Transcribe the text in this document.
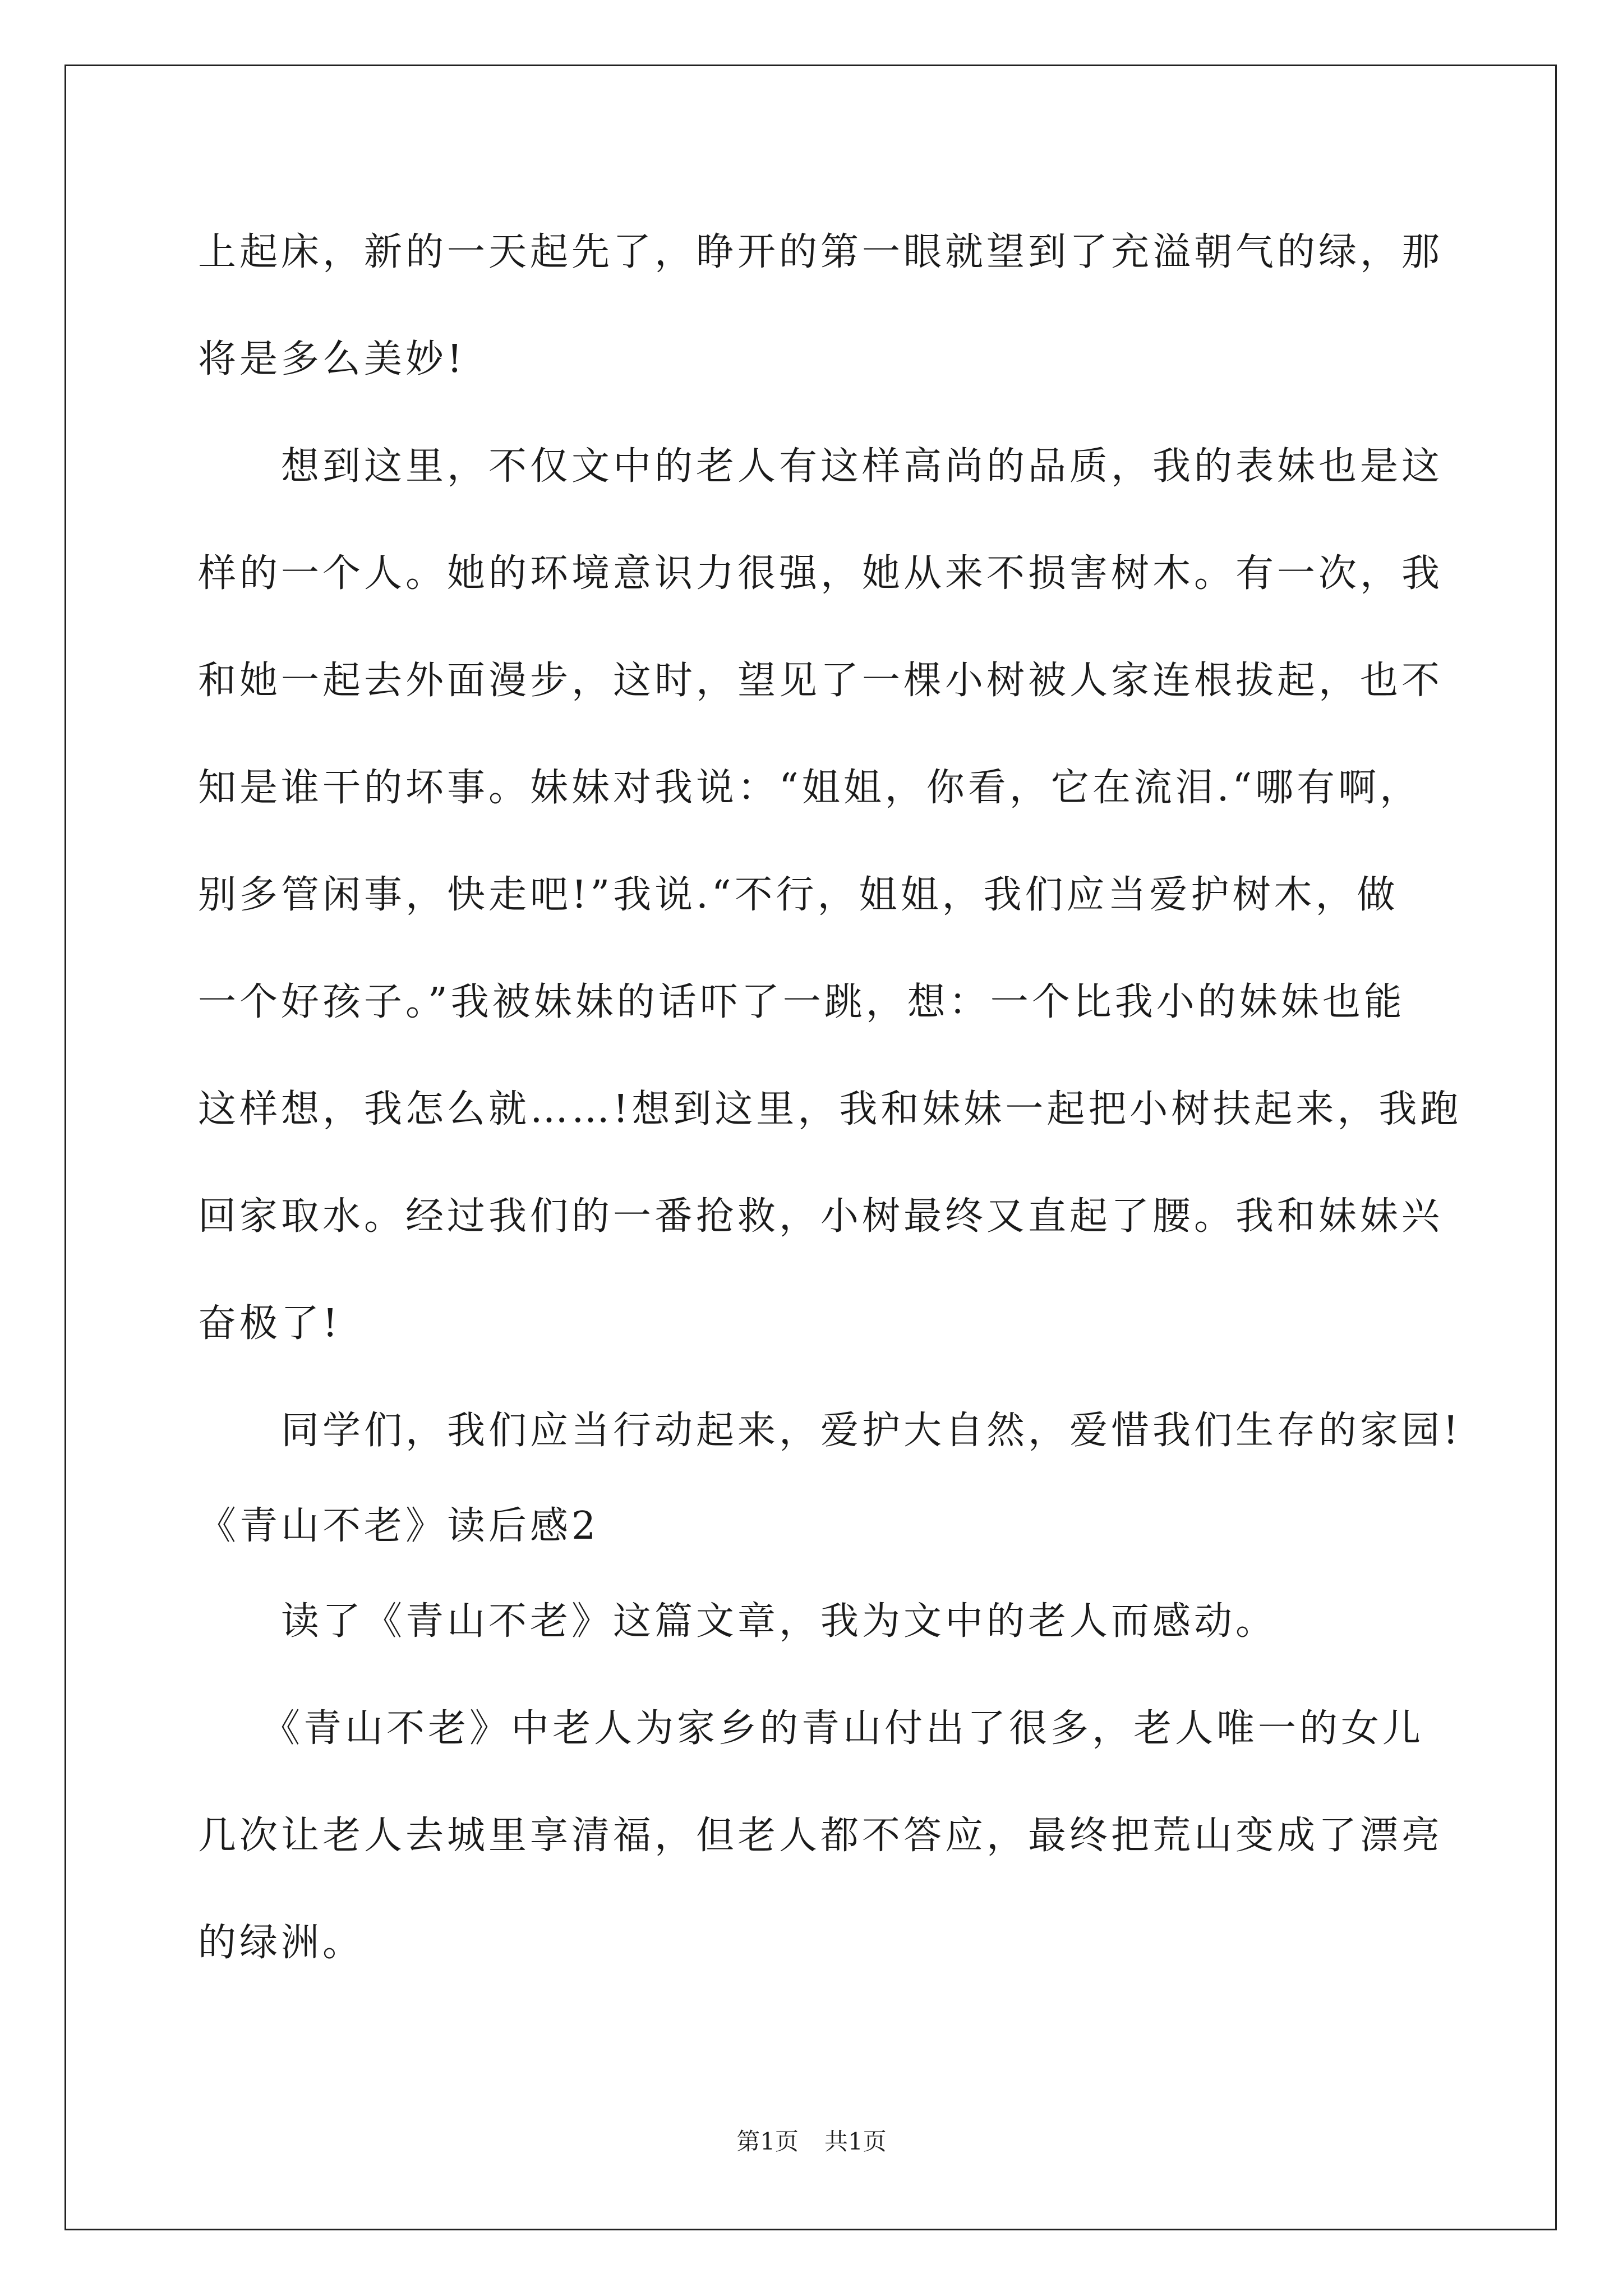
上起床，新的一天起先了，睁开的第一眼就望到了充溢朝气的绿，那
将是多么美妙!
　　想到这里，不仅文中的老人有这样高尚的品质，我的表妹也是这
样的一个人。她的环境意识力很强，她从来不损害树木。有一次，我
和她一起去外面漫步，这时，望见了一棵小树被人家连根拔起，也不
知是谁干的坏事。妹妹对我说：“姐姐，你看，它在流泪.“哪有啊，
别多管闲事，快走吧!”我说.“不行，姐姐，我们应当爱护树木，做
一个好孩子。”我被妹妹的话吓了一跳，想：一个比我小的妹妹也能
这样想，我怎么就……!想到这里，我和妹妹一起把小树扶起来，我跑
回家取水。经过我们的一番抢救，小树最终又直起了腰。我和妹妹兴
奋极了!
　　同学们，我们应当行动起来，爱护大自然，爱惜我们生存的家园!
《青山不老》读后感2
　　读了《青山不老》这篇文章，我为文中的老人而感动。
　　《青山不老》中老人为家乡的青山付出了很多，老人唯一的女儿
几次让老人去城里享清福，但老人都不答应，最终把荒山变成了漂亮
的绿洲。
第1页 共1页
